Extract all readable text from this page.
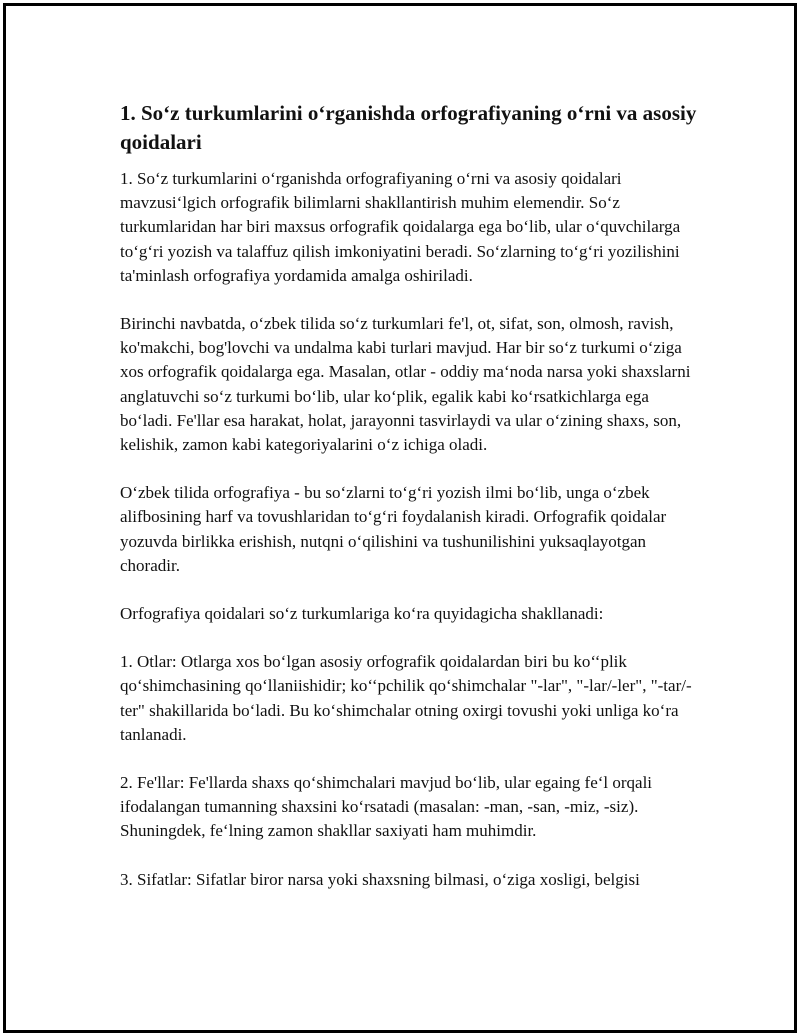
1. So‘z turkumlarini o‘rganishda orfografiyaning o‘rni va asosiy qoidalari

1. So‘z turkumlarini o‘rganishda orfografiyaning o‘rni va asosiy qoidalari mavzusi‘lgich orfografik bilimlarni shakllantirish muhim elemendir. So‘z turkumlaridan har biri maxsus orfografik qoidalarga ega bo‘lib, ular o‘quvchilarga to‘g‘ri yozish va talaffuz qilish imkoniyatini beradi. So‘zlarning to‘g‘ri yozilishini ta'minlash orfografiya yordamida amalga oshiriladi.

Birinchi navbatda, o‘zbek tilida so‘z turkumlari fe'l, ot, sifat, son, olmosh, ravish, ko'makchi, bog'lovchi va undalma kabi turlari mavjud. Har bir so‘z turkumi o‘ziga xos orfografik qoidalarga ega. Masalan, otlar - oddiy ma‘noda narsa yoki shaxslarni anglatuvchi so‘z turkumi bo‘lib, ular ko‘plik, egalik kabi ko‘rsatkichlarga ega bo‘ladi. Fe'llar esa harakat, holat, jarayonni tasvirlaydi va ular o‘zining shaxs, son, kelishik, zamon kabi kategoriyalarini o‘z ichiga oladi.

O‘zbek tilida orfografiya - bu so‘zlarni to‘g‘ri yozish ilmi bo‘lib, unga o‘zbek alifbosining harf va tovushlaridan to‘g‘ri foydalanish kiradi. Orfografik qoidalar yozuvda birlikka erishish, nutqni o‘qilishini va tushunilishini yuksaqlayotgan choradir.

Orfografiya qoidalari so‘z turkumlariga ko‘ra quyidagicha shakllanadi:

1. Otlar: Otlarga xos bo‘lgan asosiy orfografik qoidalardan biri bu ko‘‘plik qo‘shimchasining qo‘llaniishidir; ko‘‘pchilik qo‘shimchalar "-lar", "-lar/-ler", "-tar/-ter" shakillarida bo‘ladi. Bu ko‘shimchalar otning oxirgi tovushi yoki unliga ko‘ra tanlanadi.

2. Fe'llar: Fe'llarda shaxs qo‘shimchalari mavjud bo‘lib, ular egaing fe‘l orqali ifodalangan tumanning shaxsini ko‘rsatadi (masalan: -man, -san, -miz, -siz). Shuningdek, fe‘lning zamon shakllar saxiyati ham muhimdir.

3. Sifatlar: Sifatlar biror narsa yoki shaxsning bilmasi, o‘ziga xosligi, belgisi
